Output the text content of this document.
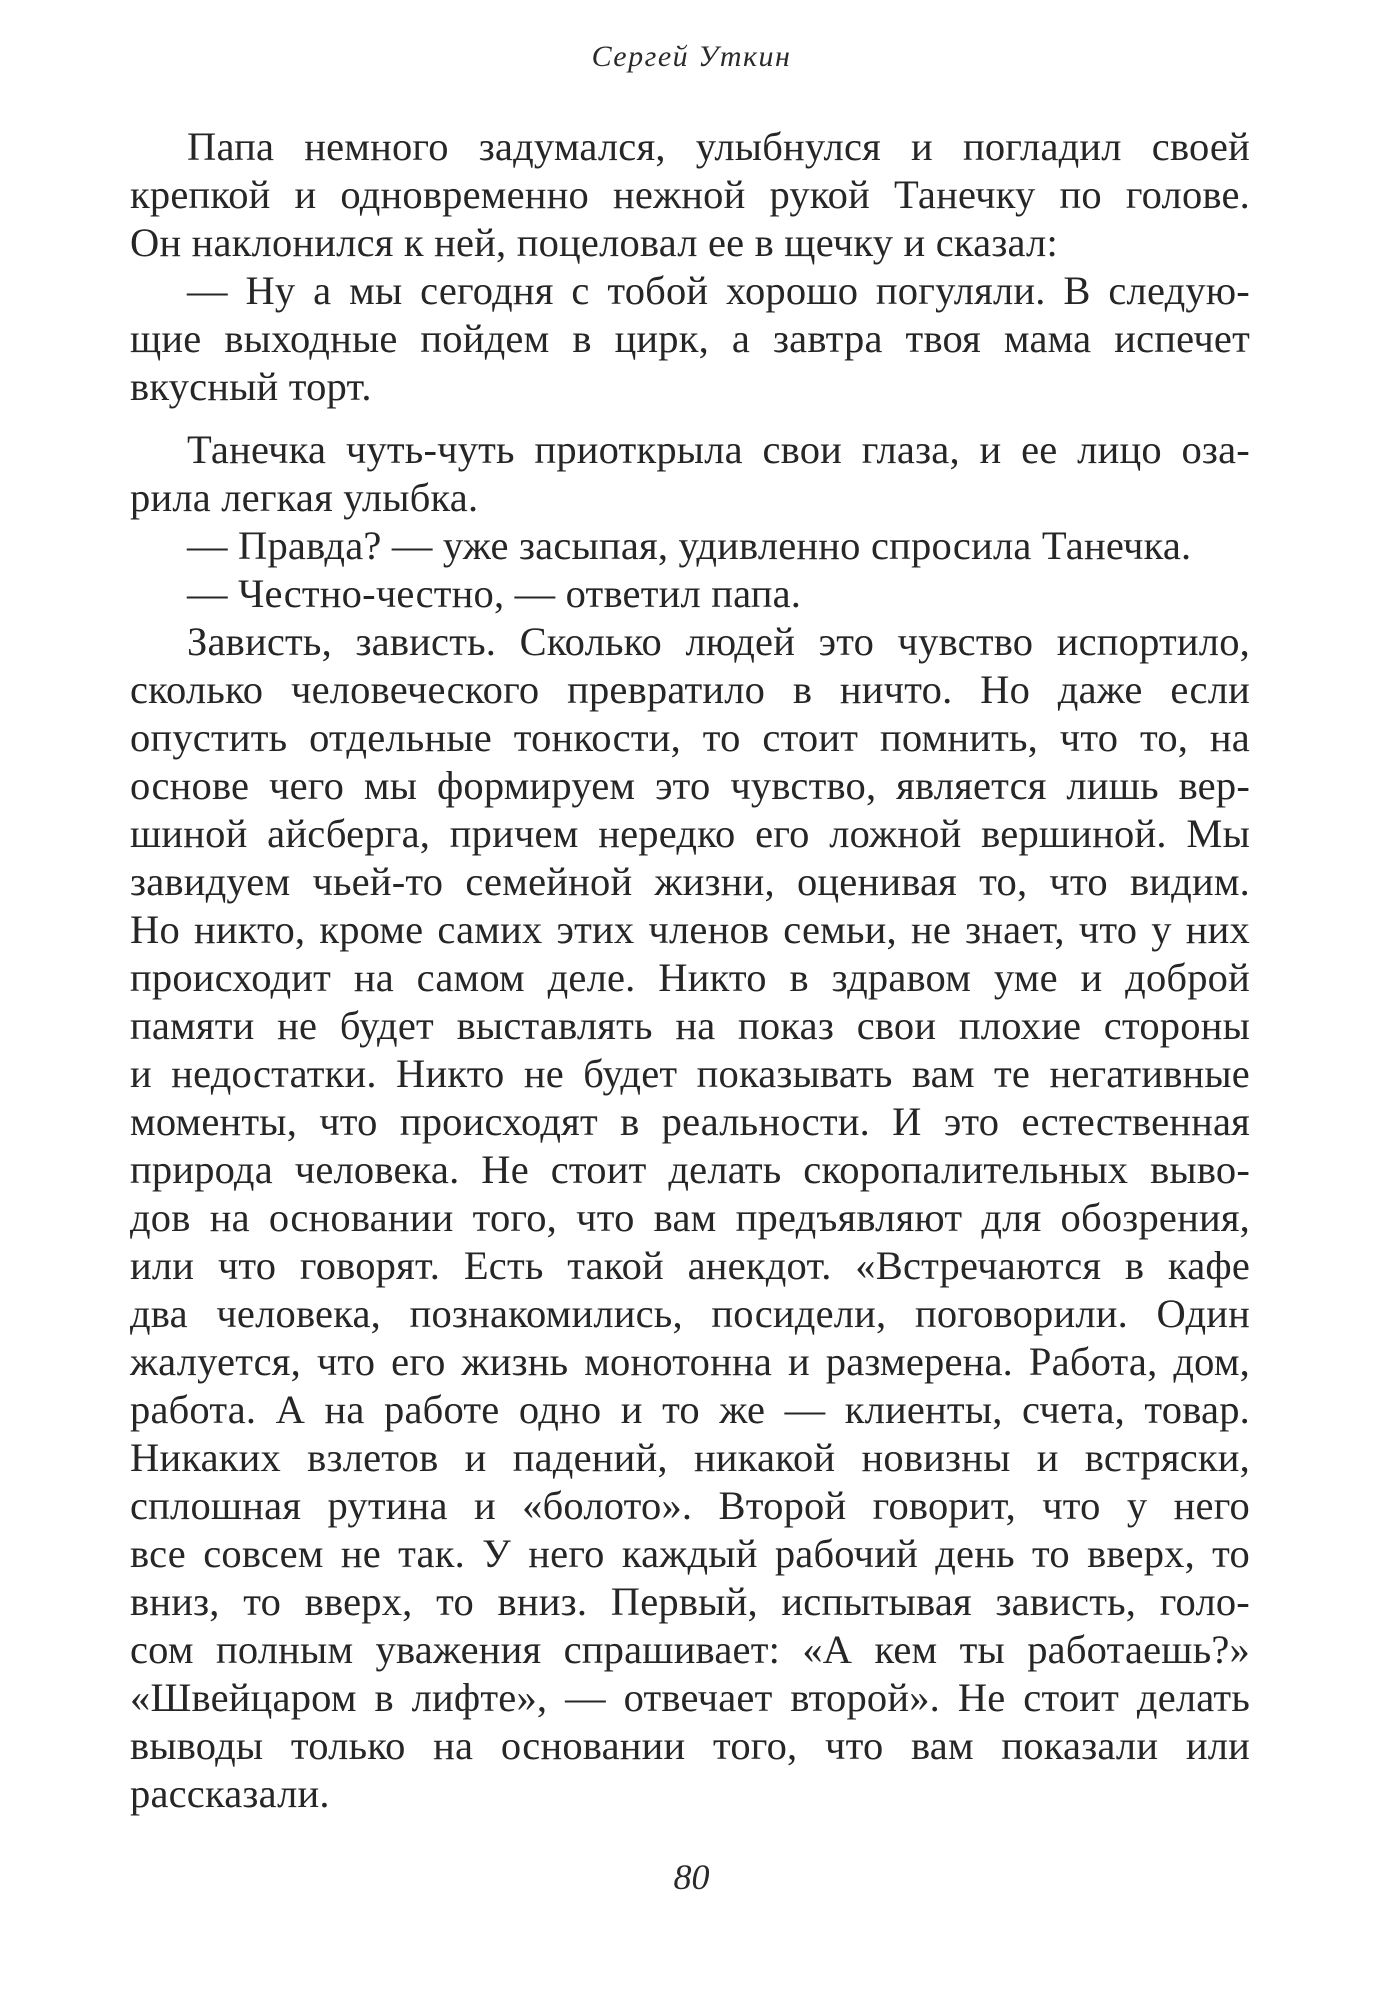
Сергей Уткин
Папа немного задумался, улыбнулся и погладил своей
крепкой и одновременно нежной рукой Танечку по голове.
Он наклонился к ней, поцеловал ее в щечку и сказал:
— Ну а мы сегодня с тобой хорошо погуляли. В следую-
щие выходные пойдем в цирк, а завтра твоя мама испечет
вкусный торт.
Танечка чуть-чуть приоткрыла свои глаза, и ее лицо оза-
рила легкая улыбка.
— Правда? — уже засыпая, удивленно спросила Танечка.
— Честно-честно, — ответил папа.
Зависть, зависть. Сколько людей это чувство испортило,
сколько человеческого превратило в ничто. Но даже если
опустить отдельные тонкости, то стоит помнить, что то, на
основе чего мы формируем это чувство, является лишь вер-
шиной айсберга, причем нередко его ложной вершиной. Мы
завидуем чьей-то семейной жизни, оценивая то, что видим.
Но никто, кроме самих этих членов семьи, не знает, что у них
происходит на самом деле. Никто в здравом уме и доброй
памяти не будет выставлять на показ свои плохие стороны
и недостатки. Никто не будет показывать вам те негативные
моменты, что происходят в реальности. И это естественная
природа человека. Не стоит делать скоропалительных выво-
дов на основании того, что вам предъявляют для обозрения,
или что говорят. Есть такой анекдот. «Встречаются в кафе
два человека, познакомились, посидели, поговорили. Один
жалуется, что его жизнь монотонна и размерена. Работа, дом,
работа. А на работе одно и то же — клиенты, счета, товар.
Никаких взлетов и падений, никакой новизны и встряски,
сплошная рутина и «болото». Второй говорит, что у него
все совсем не так. У него каждый рабочий день то вверх, то
вниз, то вверх, то вниз. Первый, испытывая зависть, голо-
сом полным уважения спрашивает: «А кем ты работаешь?»
«Швейцаром в лифте», — отвечает второй». Не стоит делать
выводы только на основании того, что вам показали или
рассказали.
80
